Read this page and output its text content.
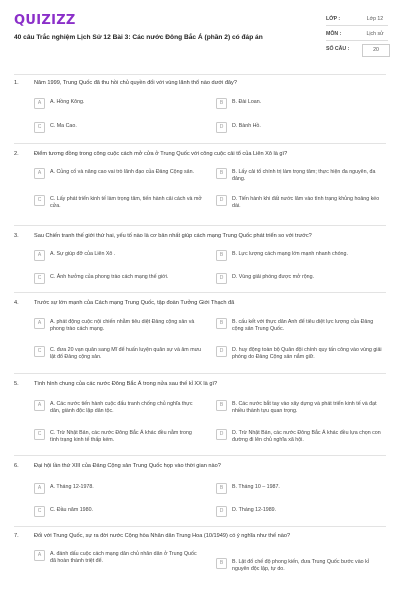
QUIZIZZ
40 câu Trắc nghiệm Lịch Sử 12 Bài 3: Các nước Đông Bắc Á (phần 2) có đáp án
LỚP :	Lớp 12
MÔN :	Lịch sử
SỐ CÂU :	20
1.	Năm 1999, Trung Quốc đã thu hồi chủ quyền đối với vùng lãnh thổ nào dưới đây?
A	A. Hồng Kông.	B	B. Đài Loan.
C	C. Ma Cao.	D	D. Bành Hồ.
2.	Điểm tương đồng trong công cuộc cách mở cửa ở Trung Quốc với công cuộc cải tổ của Liên Xô là gì?
A	A. Củng cố và nâng cao vai trò lãnh đạo của Đảng Cộng sản.	B	B. Lấy cải tổ chính trị làm trọng tâm; thực hiện đa nguyên, đa đảng.
C	C. Lấy phát triển kinh tế làm trọng tâm, tiến hành cải cách và mở cửa.
D	D. Tiến hành khi đất nước lâm vào tình trạng khủng hoảng kéo dài.
3.	Sau Chiến tranh thế giới thứ hai, yếu tố nào là cơ bản nhất giúp cách mạng Trung Quốc phát triển so với trước?
A	A. Sự giúp đỡ của Liên Xô .	B	B. Lực lượng cách mạng lớn mạnh nhanh chóng.
C	C. Ảnh hưởng của phong trào cách mạng thế giới.	D	D. Vùng giải phóng được mở rộng.
4.	Trước sự lớn mạnh của Cách mạng Trung Quốc, tập đoàn Tưởng Giới Thạch đã
A	A. phát động cuộc nội chiến nhằm tiêu diệt Đảng cộng sản và phong trào cách mạng.
B	B. cấu kết với thực dân Anh để tiêu diệt lực lượng của Đảng cộng sản Trung Quốc.
C	C. đưa 20 vạn quân sang Mĩ để huấn luyện quân sự và âm mưu lật đổ Đảng cộng sản.
D	D. huy động toàn bộ Quân đội chính quy tấn công vào vùng giải phóng do Đảng Cộng sản nắm giữ.
5.	Tình hình chung của các nước Đông Bắc Á trong nửa sau thế kỉ XX là gì?
A	A. Các nước tiến hành cuộc đấu tranh chống chủ nghĩa thực dân, giành độc lập dân tộc.
B	B. Các nước bắt tay vào xây dựng và phát triển kinh tế và đạt nhiều thành tựu quan trọng.
C	C. Trừ Nhật Bản, các nước Đông Bắc Á khác đều nằm trong tình trạng kinh tế thấp kém.
D	D. Trừ Nhật Bản, các nước Đông Bắc Á khác đều lựa chọn con đường đi lên chủ nghĩa xã hội.
6.	Đại hội lần thứ XIII của Đảng Cộng sản Trung Quốc họp vào thời gian nào?
A	A. Tháng 12-1978.	B	B. Tháng 10 – 1987.
C	C. Đầu năm 1980.	D	D. Tháng 12-1989.
7.	Đối với Trung Quốc, sự ra đời nước Cộng hòa Nhân dân Trung Hoa (10/1949) có ý nghĩa như thế nào?
A	A. đánh dấu cuộc cách mạng dân chủ nhân dân ở Trung Quốc đã hoàn thành triệt để.	B	B. Lật đổ chế độ phong kiến, đưa Trung Quốc bước vào kỉ nguyên độc lập, tự do.
